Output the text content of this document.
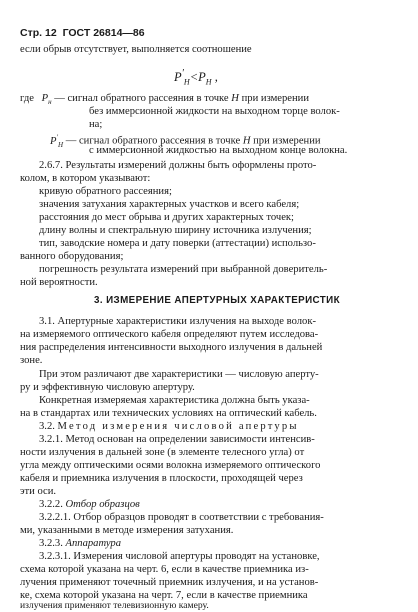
Стр. 12 ГОСТ 26814—86
если обрыв отсутствует, выполняется соотношение
$P'_H<P_H$ ,
где $P_н$ — сигнал обратного рассеяния в точке H при измерении
без иммерсионной жидкости на выходном торце волок-
на;
$P'_H$ — сигнал обратного рассеяния в точке H при измерении
с иммерсионной жидкостью на выходном конце волокна.
2.6.7. Результаты измерений должны быть оформлены прото-
колом, в котором указывают:
кривую обратного рассеяния;
значения затухания характерных участков и всего кабеля;
расстояния до мест обрыва и других характерных точек;
длину волны и спектральную ширину источника излучения;
тип, заводские номера и дату поверки (аттестации) использо-
ванного оборудования;
погрешность результата измерений при выбранной доверитель-
ной вероятности.
3. ИЗМЕРЕНИЕ АПЕРТУРНЫХ ХАРАКТЕРИСТИК
3.1. Апертурные характеристики излучения на выходе волок-
на измеряемого оптического кабеля определяют путем исследова-
ния распределения интенсивности выходного излучения в дальней
зоне.
При этом различают две характеристики — числовую аперту-
ру и эффективную числовую апертуру.
Конкретная измеряемая характеристика должна быть указа-
на в стандартах или технических условиях на оптический кабель.
3.2. Метод измерения числовой апертуры
3.2.1. Метод основан на определении зависимости интенсив-
ности излучения в дальней зоне (в элементе телесного угла) от
угла между оптическими осями волокна измеряемого оптического
кабеля и приемника излучения в плоскости, проходящей через
эти оси.
3.2.2. Отбор образцов
3.2.2.1. Отбор образцов проводят в соответствии с требования-
ми, указанными в методе измерения затухания.
3.2.3. Аппаратура
3.2.3.1. Измерения числовой апертуры проводят на установке,
схема которой указана на черт. 6, если в качестве приемника из-
лучения применяют точечный приемник излучения, и на установ-
ке, схема которой указана на черт. 7, если в качестве приемника
излучения применяют телевизионную камеру.
